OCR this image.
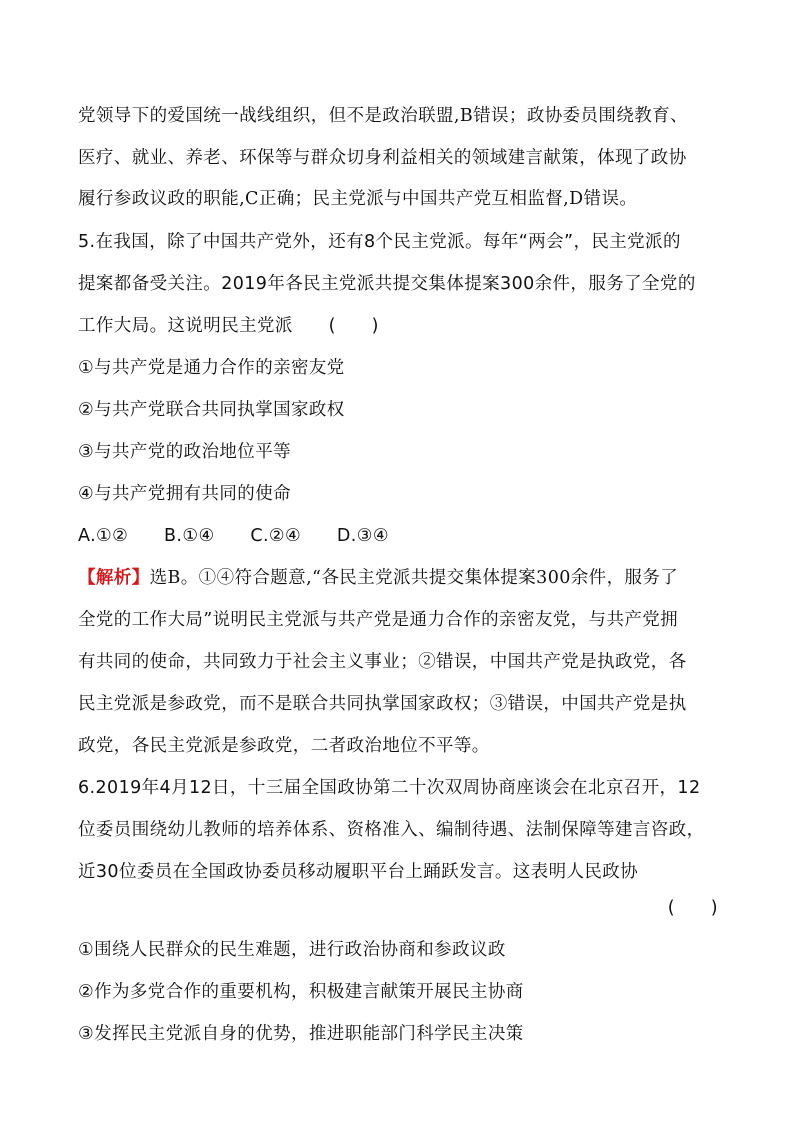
党领导下的爱国统一战线组织，但不是政治联盟,B错误；政协委员围绕教育、
医疗、就业、养老、环保等与群众切身利益相关的领域建言献策，体现了政协
履行参政议政的职能,C正确；民主党派与中国共产党互相监督,D错误。
5.在我国，除了中国共产党外，还有8个民主党派。每年“两会”，民主党派的
提案都备受关注。2019年各民主党派共提交集体提案300余件，服务了全党的
工作大局。这说明民主党派　　(　　)
①与共产党是通力合作的亲密友党
②与共产党联合共同执掌国家政权
③与共产党的政治地位平等
④与共产党拥有共同的使命
A.①②　　B.①④　　C.②④　　D.③④
【解析】选B。①④符合题意,“各民主党派共提交集体提案300余件，服务了
全党的工作大局”说明民主党派与共产党是通力合作的亲密友党，与共产党拥
有共同的使命，共同致力于社会主义事业；②错误，中国共产党是执政党，各
民主党派是参政党，而不是联合共同执掌国家政权；③错误，中国共产党是执
政党，各民主党派是参政党，二者政治地位不平等。
6.2019年4月12日，十三届全国政协第二十次双周协商座谈会在北京召开，12
位委员围绕幼儿教师的培养体系、资格准入、编制待遇、法制保障等建言咨政，
近30位委员在全国政协委员移动履职平台上踊跃发言。这表明人民政协
(　　)
①围绕人民群众的民生难题，进行政治协商和参政议政
②作为多党合作的重要机构，积极建言献策开展民主协商
③发挥民主党派自身的优势，推进职能部门科学民主决策
